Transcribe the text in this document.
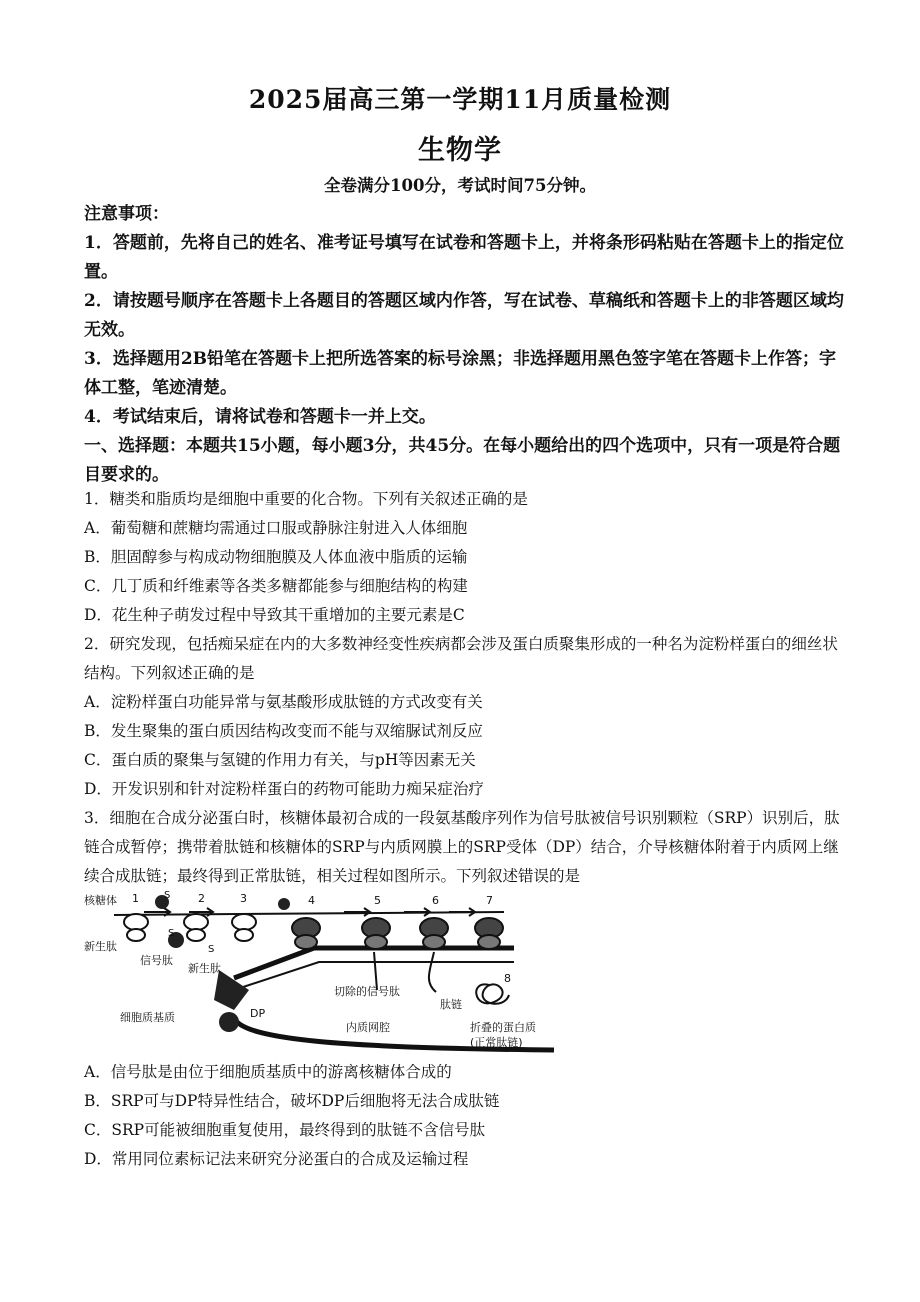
2025届高三第一学期11月质量检测
生物学
全卷满分100分，考试时间75分钟。

注意事项：

1．答题前，先将自己的姓名、准考证号填写在试卷和答题卡上，并将条形码粘贴在答题卡上的指定位置。

2．请按题号顺序在答题卡上各题目的答题区域内作答，写在试卷、草稿纸和答题卡上的非答题区域均无效。

3．选择题用2B铅笔在答题卡上把所选答案的标号涂黑；非选择题用黑色签字笔在答题卡上作答；字体工整，笔迹清楚。

4．考试结束后，请将试卷和答题卡一并上交。

一、选择题：本题共15小题，每小题3分，共45分。在每小题给出的四个选项中，只有一项是符合题目要求的。

1．糖类和脂质均是细胞中重要的化合物。下列有关叙述正确的是

A．葡萄糖和蔗糖均需通过口服或静脉注射进入人体细胞

B．胆固醇参与构成动物细胞膜及人体血液中脂质的运输

C．几丁质和纤维素等各类多糖都能参与细胞结构的构建

D．花生种子萌发过程中导致其干重增加的主要元素是C

2．研究发现，包括痴呆症在内的大多数神经变性疾病都会涉及蛋白质聚集形成的一种名为淀粉样蛋白的细丝状结构。下列叙述正确的是

A．淀粉样蛋白功能异常与氨基酸形成肽链的方式改变有关

B．发生聚集的蛋白质因结构改变而不能与双缩脲试剂反应

C．蛋白质的聚集与氢键的作用力有关，与pH等因素无关

D．开发识别和针对淀粉样蛋白的药物可能助力痴呆症治疗

3．细胞在合成分泌蛋白时，核糖体最初合成的一段氨基酸序列作为信号肽被信号识别颗粒（SRP）识别后，肽链合成暂停；携带着肽链和核糖体的SRP与内质网膜上的SRP受体（DP）结合，介导核糖体附着于内质网上继续合成肽链；最终得到正常肽链，相关过程如图所示。下列叙述错误的是

1	2	3	4	5	6	7
8
核糖体
新生肽
信号肽
新生肽
S
S
S
DP
细胞质基质
内质网腔
切除的信号肽
肽链
折叠的蛋白质
(正常肽链)

A．信号肽是由位于细胞质基质中的游离核糖体合成的

B．SRP可与DP特异性结合，破坏DP后细胞将无法合成肽链

C．SRP可能被细胞重复使用，最终得到的肽链不含信号肽

D．常用同位素标记法来研究分泌蛋白的合成及运输过程
